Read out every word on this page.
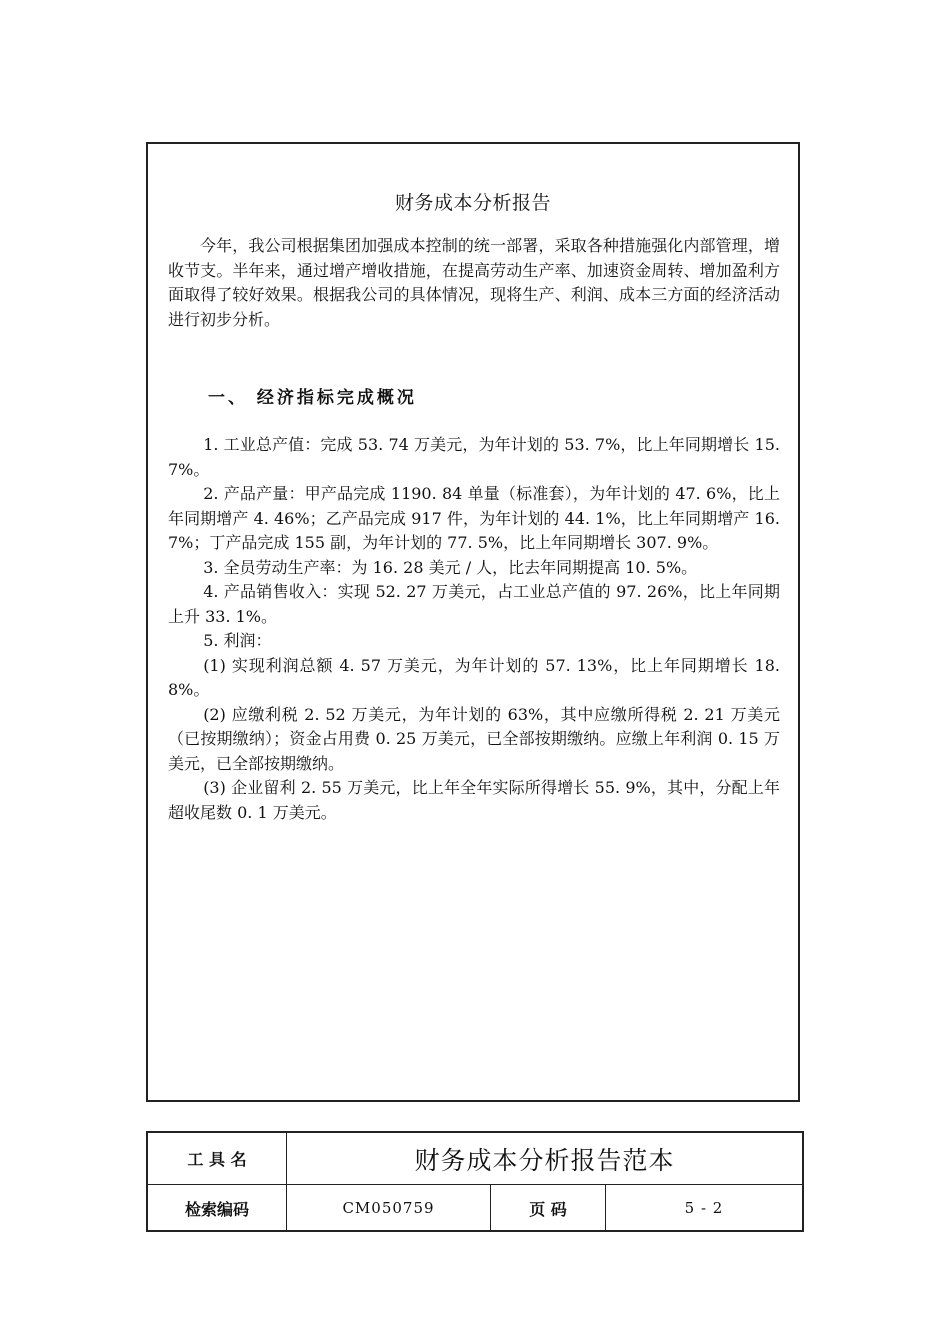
财务成本分析报告

今年，我公司根据集团加强成本控制的统一部署，采取各种措施强化内部管理，增收节支。半年来，通过增产增收措施，在提高劳动生产率、加速资金周转、增加盈利方面取得了较好效果。根据我公司的具体情况，现将生产、利润、成本三方面的经济活动进行初步分析。

一、 经济指标完成概况

1. 工业总产值：完成 53. 74 万美元，为年计划的 53. 7%，比上年同期增长 15. 7%。

2. 产品产量：甲产品完成 1190. 84 单量（标准套），为年计划的 47. 6%，比上年同期增产 4. 46%；乙产品完成 917 件，为年计划的 44. 1%，比上年同期增产 16. 7%；丁产品完成 155 副，为年计划的 77. 5%，比上年同期增长 307. 9%。

3. 全员劳动生产率：为 16. 28 美元 / 人，比去年同期提高 10. 5%。

4. 产品销售收入：实现 52. 27 万美元，占工业总产值的 97. 26%，比上年同期上升 33. 1%。

5. 利润：

(1) 实现利润总额 4. 57 万美元，为年计划的 57. 13%，比上年同期增长 18. 8%。

(2) 应缴利税 2. 52 万美元，为年计划的 63%，其中应缴所得税 2. 21 万美元（已按期缴纳）；资金占用费 0. 25 万美元，已全部按期缴纳。应缴上年利润 0. 15 万美元，已全部按期缴纳。

(3) 企业留利 2. 55 万美元，比上年全年实际所得增长 55. 9%，其中，分配上年超收尾数 0. 1 万美元。

工 具 名	财务成本分析报告范本
检索编码	CM050759	页 码	5 - 2
